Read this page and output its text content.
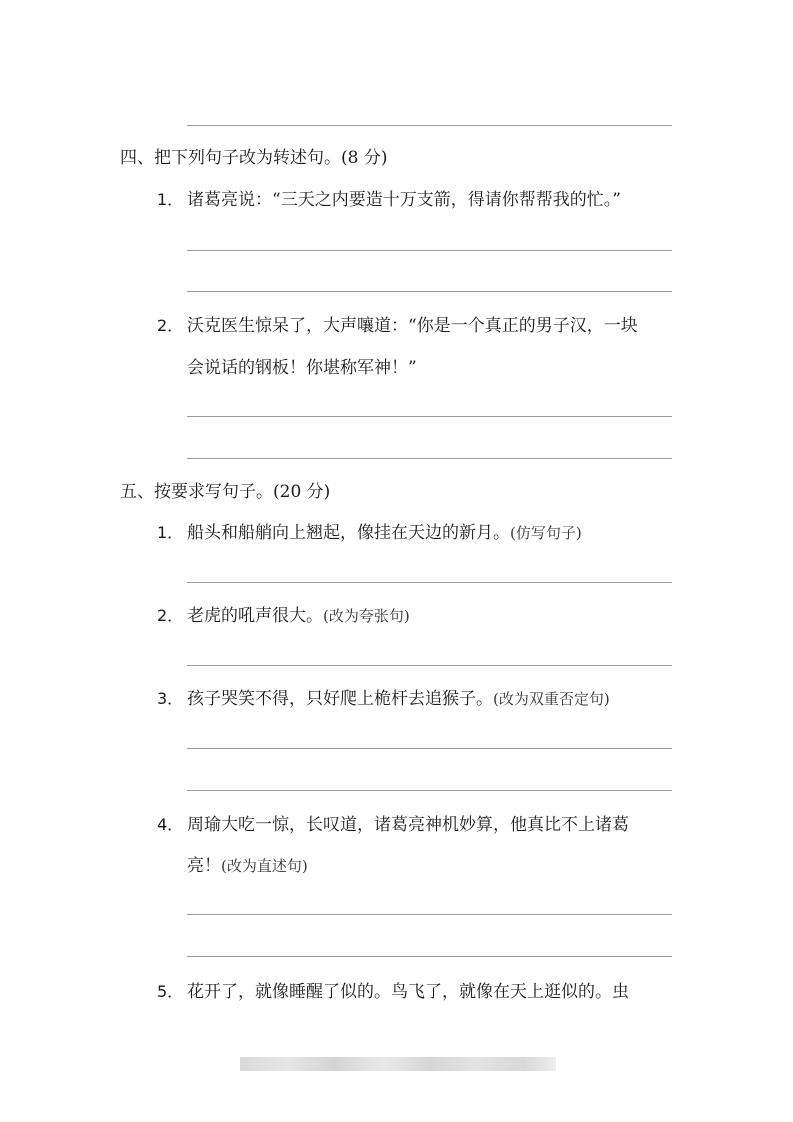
四、把下列句子改为转述句。(8 分)
1． 诸葛亮说：“三天之内要造十万支箭，得请你帮帮我的忙。”
2． 沃克医生惊呆了，大声嚷道：“你是一个真正的男子汉，一块
会说话的钢板！你堪称军神！”
五、按要求写句子。(20 分)
1． 船头和船艄向上翘起，像挂在天边的新月。(仿写句子)
2． 老虎的吼声很大。(改为夸张句)
3． 孩子哭笑不得，只好爬上桅杆去追猴子。(改为双重否定句)
4． 周瑜大吃一惊，长叹道，诸葛亮神机妙算，他真比不上诸葛
亮！(改为直述句)
5． 花开了，就像睡醒了似的。鸟飞了，就像在天上逛似的。虫
